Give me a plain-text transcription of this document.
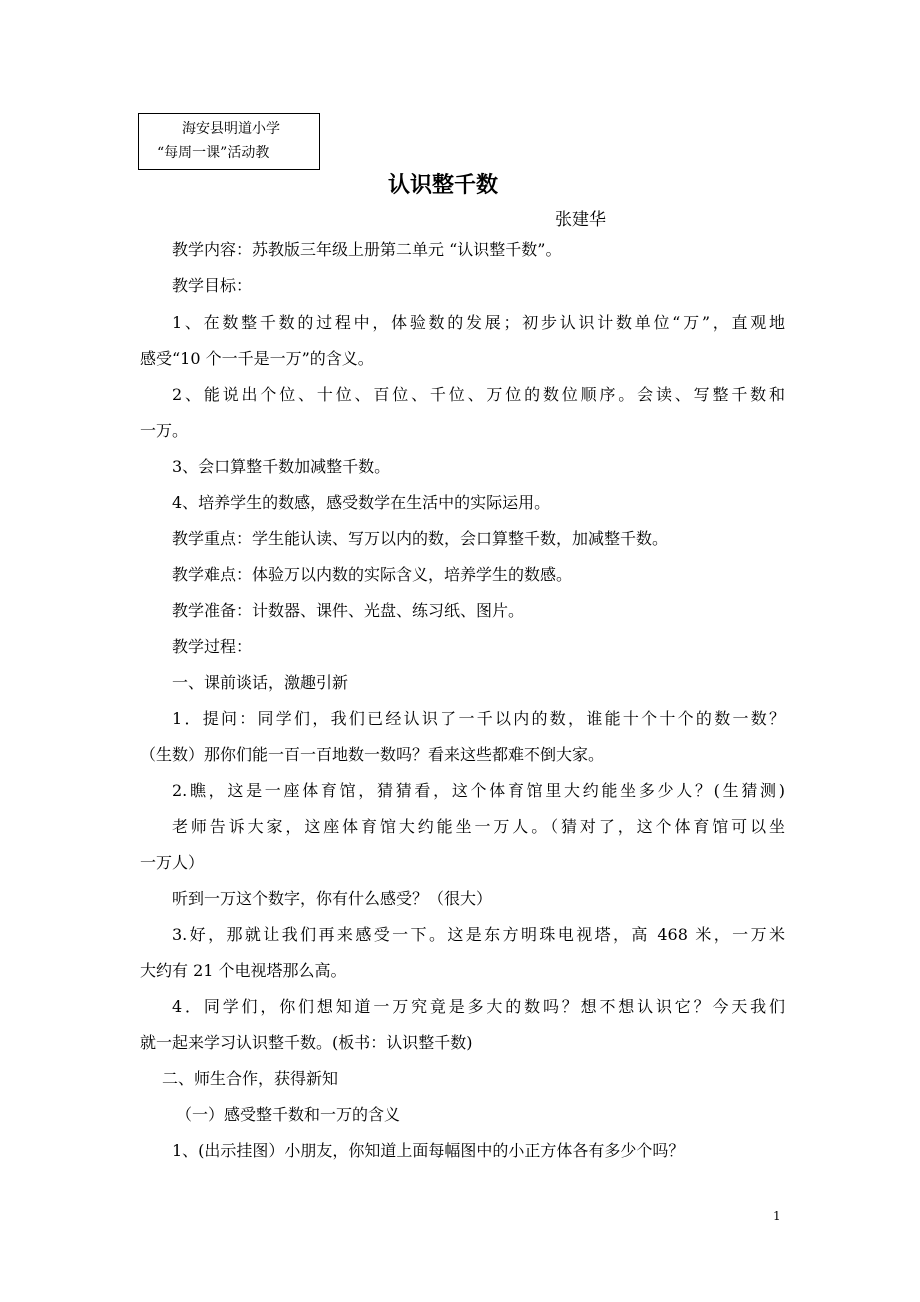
海安县明道小学
“每周一课”活动教
认识整千数
张建华
教学内容：苏教版三年级上册第二单元 “认识整千数”。
教学目标：
1、在数整千数的过程中，体验数的发展；初步认识计数单位“万”，直观地
感受“10 个一千是一万”的含义。
2、能说出个位、十位、百位、千位、万位的数位顺序。会读、写整千数和
一万。
3、会口算整千数加减整千数。
4、培养学生的数感，感受数学在生活中的实际运用。
教学重点：学生能认读、写万以内的数，会口算整千数，加减整千数。
教学难点：体验万以内数的实际含义，培养学生的数感。
教学准备：计数器、课件、光盘、练习纸、图片。
教学过程：
一、课前谈话，激趣引新
1．提问：同学们，我们已经认识了一千以内的数，谁能十个十个的数一数？
（生数）那你们能一百一百地数一数吗？看来这些都难不倒大家。
2.瞧，这是一座体育馆，猜猜看，这个体育馆里大约能坐多少人？(生猜测)
老师告诉大家，这座体育馆大约能坐一万人。（猜对了，这个体育馆可以坐
一万人）
听到一万这个数字，你有什么感受？（很大）
3.好，那就让我们再来感受一下。这是东方明珠电视塔，高 468 米，一万米
大约有 21 个电视塔那么高。
4．同学们，你们想知道一万究竟是多大的数吗？想不想认识它？今天我们
就一起来学习认识整千数。(板书：认识整千数)
二、师生合作，获得新知
（一）感受整千数和一万的含义
1、(出示挂图）小朋友，你知道上面每幅图中的小正方体各有多少个吗？
1
